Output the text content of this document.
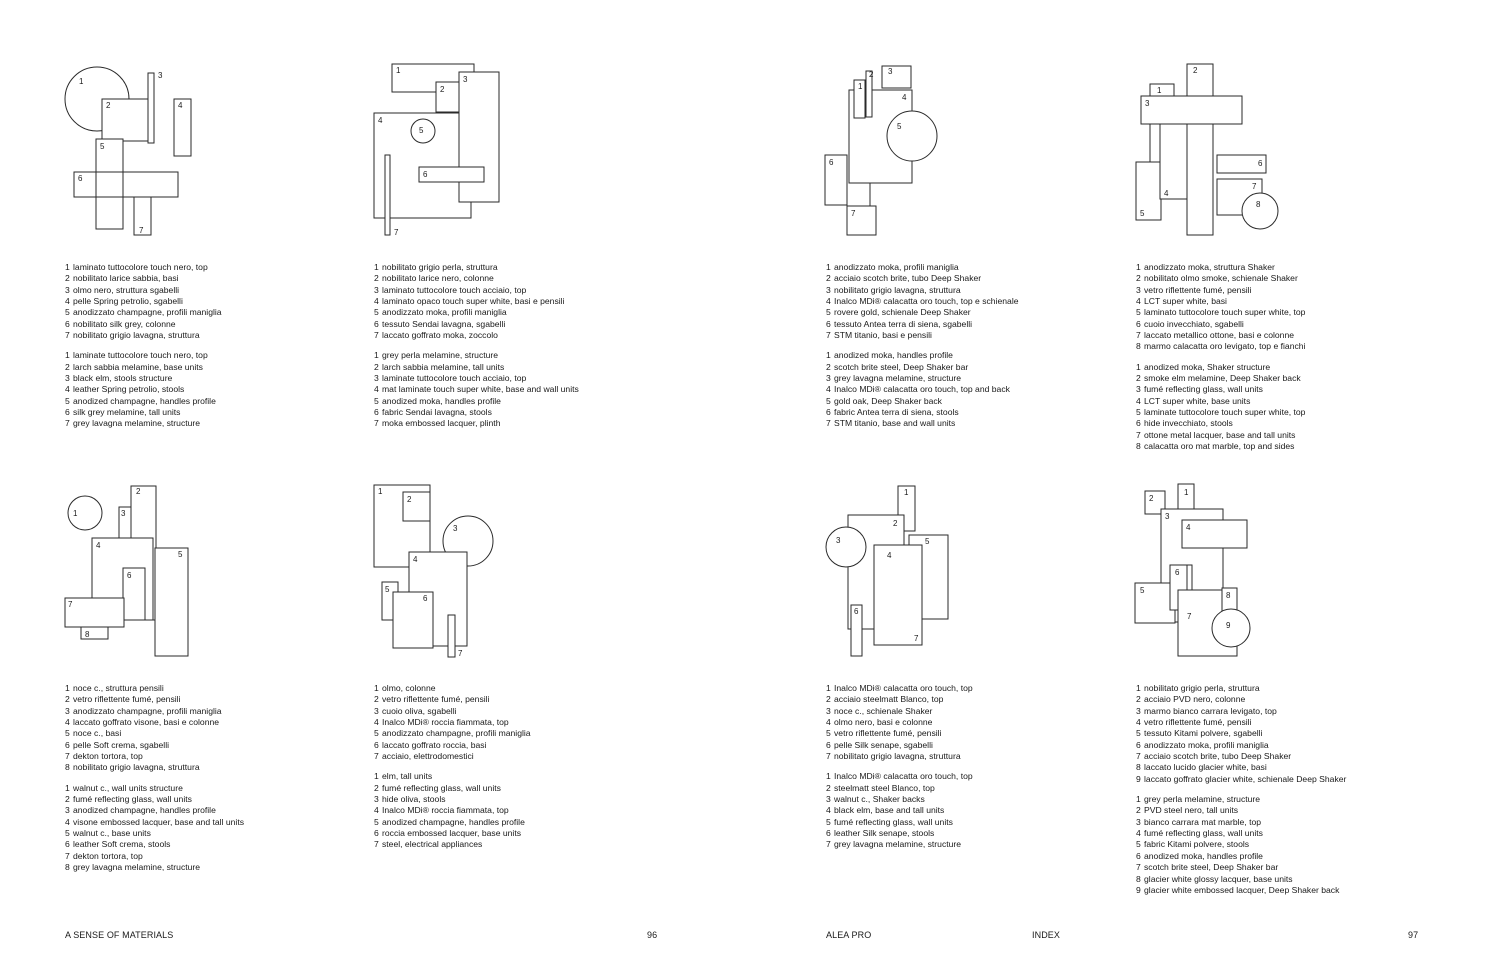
1
2
3
4
5
6
7
1
2
3
4
5
6
7
1
2 3
4
5
6
7
1
2
3
4
5
6
7
8
1
2
3
4
5
6
7
8
1
2
3
4
5
6
7
1
2
3
4
5
6
7
1
2
3
4
5
6
7
8
9
1 laminato tuttocolore touch nero, top
2 nobilitato larice sabbia, basi
3 olmo nero, struttura sgabelli
4 pelle Spring petrolio, sgabelli
5 anodizzato champagne, profili maniglia
6 nobilitato silk grey, colonne
7 nobilitato grigio lavagna, struttura
1 laminate tuttocolore touch nero, top
2 larch sabbia melamine, base units
3 black elm, stools structure
4 leather Spring petrolio, stools
5 anodized champagne, handles profile
6 silk grey melamine, tall units
7 grey lavagna melamine, structure
1 nobilitato grigio perla, struttura
2 nobilitato larice nero, colonne
3 laminato tuttocolore touch acciaio, top
4 laminato opaco touch super white, basi e pensili
5 anodizzato moka, profili maniglia
6 tessuto Sendai lavagna, sgabelli
7 laccato goffrato moka, zoccolo
1 grey perla melamine, structure
2 larch sabbia melamine, tall units
3 laminate tuttocolore touch acciaio, top
4 mat laminate touch super white, base and wall units
5 anodized moka, handles profile
6 fabric Sendai lavagna, stools
7 moka embossed lacquer, plinth
1 anodizzato moka, profili maniglia
2 acciaio scotch brite, tubo Deep Shaker
3 nobilitato grigio lavagna, struttura
4 Inalco MDi® calacatta oro touch, top e schienale
5 rovere gold, schienale Deep Shaker
6 tessuto Antea terra di siena, sgabelli
7 STM titanio, basi e pensili
1 anodized moka, handles profile
2 scotch brite steel, Deep Shaker bar
3 grey lavagna melamine, structure
4 Inalco MDi® calacatta oro touch, top and back
5 gold oak, Deep Shaker back
6 fabric Antea terra di siena, stools
7 STM titanio, base and wall units
1 anodizzato moka, struttura Shaker
2 nobilitato olmo smoke, schienale Shaker
3 vetro riflettente fumé, pensili
4 LCT super white, basi
5 laminato tuttocolore touch super white, top
6 cuoio invecchiato, sgabelli
7 laccato metallico ottone, basi e colonne
8 marmo calacatta oro levigato, top e fianchi
1 anodized moka, Shaker structure
2 smoke elm melamine, Deep Shaker back
3 fumé reflecting glass, wall units
4 LCT super white, base units
5 laminate tuttocolore touch super white, top
6 hide invecchiato, stools
7 ottone metal lacquer, base and tall units
8 calacatta oro mat marble, top and sides
1 noce c., struttura pensili
2 vetro riflettente fumé, pensili
3 anodizzato champagne, profili maniglia
4 laccato goffrato visone, basi e colonne
5 noce c., basi
6 pelle Soft crema, sgabelli
7 dekton tortora, top
8 nobilitato grigio lavagna, struttura
1 walnut c., wall units structure
2 fumé reflecting glass, wall units
3 anodized champagne, handles profile
4 visone embossed lacquer, base and tall units
5 walnut c., base units
6 leather Soft crema, stools
7 dekton tortora, top
8 grey lavagna melamine, structure
1 olmo, colonne
2 vetro riflettente fumé, pensili
3 cuoio oliva, sgabelli
4 Inalco MDi® roccia fiammata, top
5 anodizzato champagne, profili maniglia
6 laccato goffrato roccia, basi
7 acciaio, elettrodomestici
1 elm, tall units
2 fumé reflecting glass, wall units
3 hide oliva, stools
4 Inalco MDi® roccia fiammata, top
5 anodized champagne, handles profile
6 roccia embossed lacquer, base units
7 steel, electrical appliances
1 Inalco MDi® calacatta oro touch, top
2 acciaio steelmatt Blanco, top
3 noce c., schienale Shaker
4 olmo nero, basi e colonne
5 vetro riflettente fumé, pensili
6 pelle Silk senape, sgabelli
7 nobilitato grigio lavagna, struttura
1 Inalco MDi® calacatta oro touch, top
2 steelmatt steel Blanco, top
3 walnut c., Shaker backs
4 black elm, base and tall units
5 fumé reflecting glass, wall units
6 leather Silk senape, stools
7 grey lavagna melamine, structure
1 nobilitato grigio perla, struttura
2 acciaio PVD nero, colonne
3 marmo bianco carrara levigato, top
4 vetro riflettente fumé, pensili
5 tessuto Kitami polvere, sgabelli
6 anodizzato moka, profili maniglia
7 acciaio scotch brite, tubo Deep Shaker
8 laccato lucido glacier white, basi
9 laccato goffrato glacier white, schienale Deep Shaker
1 grey perla melamine, structure
2 PVD steel nero, tall units
3 bianco carrara mat marble, top
4 fumé reflecting glass, wall units
5 fabric Kitami polvere, stools
6 anodized moka, handles profile
7 scotch brite steel, Deep Shaker bar
8 glacier white glossy lacquer, base units
9 glacier white embossed lacquer, Deep Shaker back
A SENSE OF MATERIALS	96	ALEA PRO	INDEX	97
